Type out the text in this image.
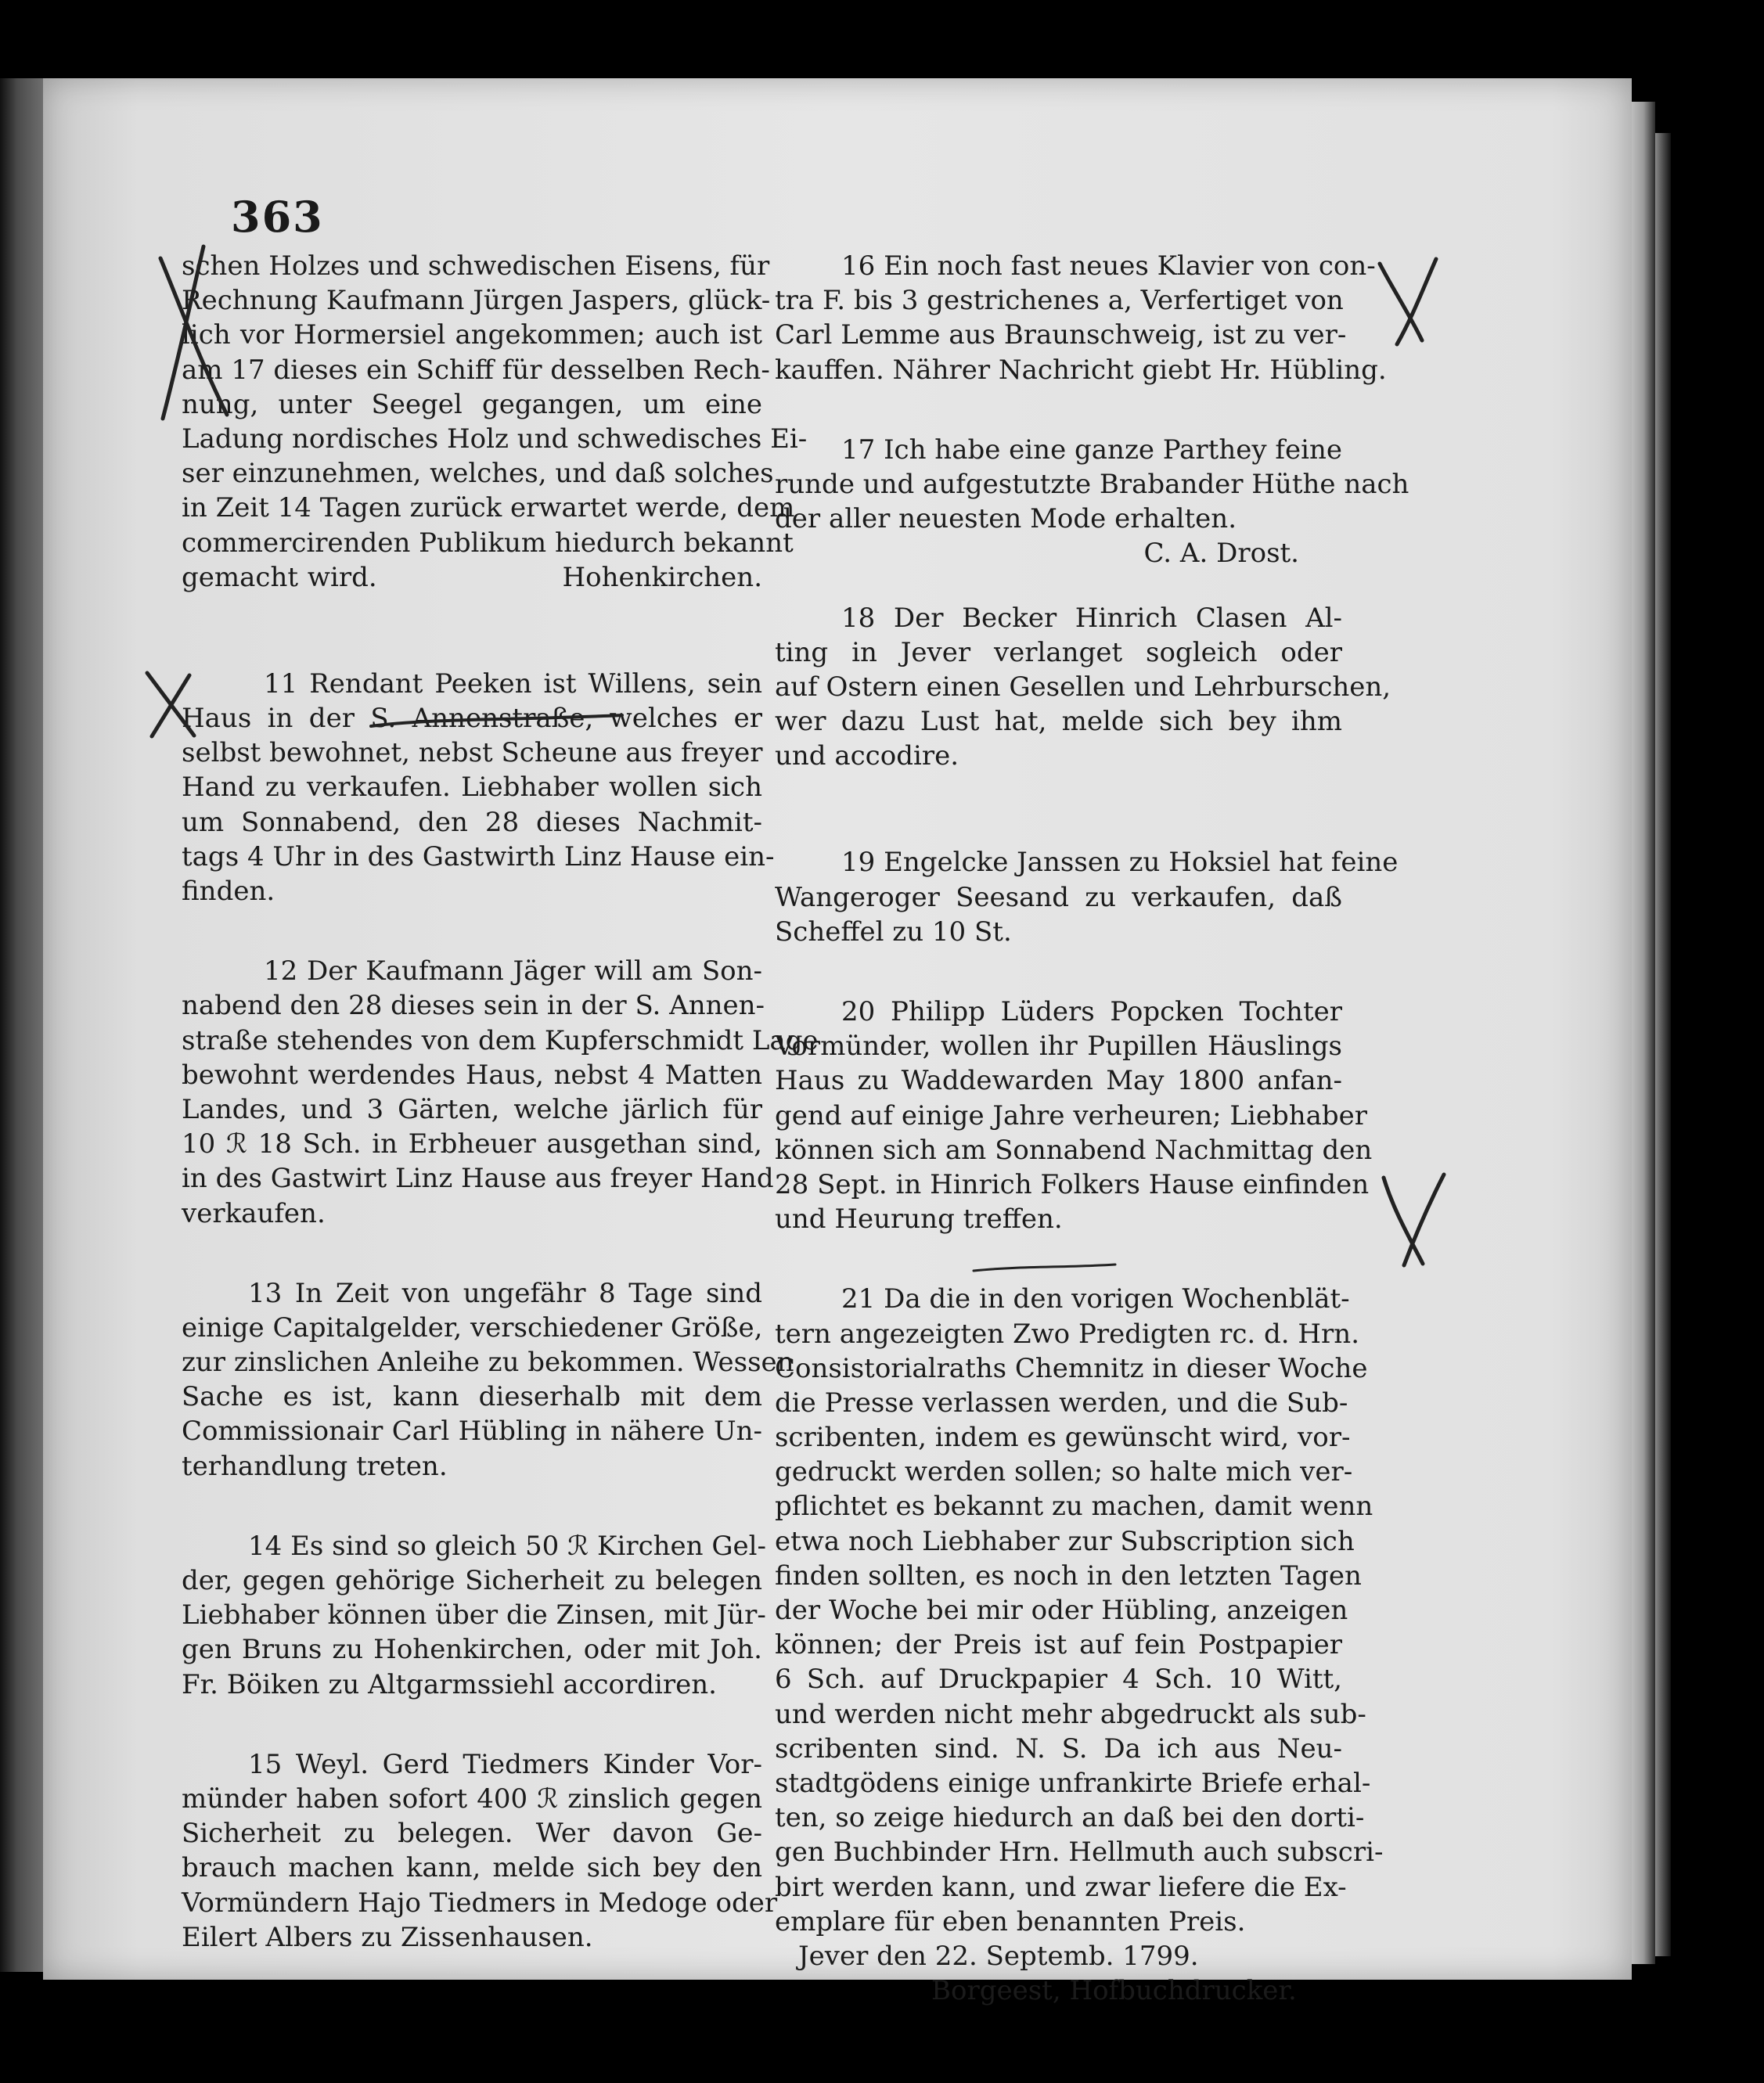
363
schen Holzes und schwedischen Eisens, für
Rechnung Kaufmann Jürgen Jaspers, glück-
lich vor Hormersiel angekommen; auch ist
am 17 dieses ein Schiff für desselben Rech-
nung, unter Seegel gegangen, um eine
Ladung nordisches Holz und schwedisches Ei-
ser einzunehmen, welches, und daß solches
in Zeit 14 Tagen zurück erwartet werde, dem
commercirenden Publikum hiedurch bekannt
gemacht wird.                    Hohenkirchen.
11 Rendant Peeken ist Willens, sein
Haus in der S. Annenstraße, welches er
selbst bewohnet, nebst Scheune aus freyer
Hand zu verkaufen. Liebhaber wollen sich
um Sonnabend, den 28 dieses Nachmit-
tags 4 Uhr in des Gastwirth Linz Hause ein-
finden.
12 Der Kaufmann Jäger will am Son-
nabend den 28 dieses sein in der S. Annen-
straße stehendes von dem Kupferschmidt Lage
bewohnt werdendes Haus, nebst 4 Matten
Landes, und 3 Gärten, welche järlich für
10 ℛ 18 Sch. in Erbheuer ausgethan sind,
in des Gastwirt Linz Hause aus freyer Hand
verkaufen.
13 In Zeit von ungefähr 8 Tage sind
einige Capitalgelder, verschiedener Größe,
zur zinslichen Anleihe zu bekommen. Wessen
Sache es ist, kann dieserhalb mit dem
Commissionair Carl Hübling in nähere Un-
terhandlung treten.
14 Es sind so gleich 50 ℛ Kirchen Gel-
der, gegen gehörige Sicherheit zu belegen
Liebhaber können über die Zinsen, mit Jür-
gen Bruns zu Hohenkirchen, oder mit Joh.
Fr. Böiken zu Altgarmssiehl accordiren.
15 Weyl. Gerd Tiedmers Kinder Vor-
münder haben sofort 400 ℛ zinslich gegen
Sicherheit zu belegen. Wer davon Ge-
brauch machen kann, melde sich bey den
Vormündern Hajo Tiedmers in Medoge oder
Eilert Albers zu Zissenhausen.
16 Ein noch fast neues Klavier von con-
tra F. bis 3 gestrichenes a, Verfertiget von
Carl Lemme aus Braunschweig, ist zu ver-
kauffen. Nährer Nachricht giebt Hr. Hübling.
17 Ich habe eine ganze Parthey feine
runde und aufgestutzte Brabander Hüthe nach
der aller neuesten Mode erhalten.
C. A. Drost.
18 Der Becker Hinrich Clasen Al-
ting in Jever verlanget sogleich oder
auf Ostern einen Gesellen und Lehrburschen,
wer dazu Lust hat, melde sich bey ihm
und accodire.
19 Engelcke Janssen zu Hoksiel hat feine
Wangeroger Seesand zu verkaufen, daß
Scheffel zu 10 St.
20 Philipp Lüders Popcken Tochter
Vormünder, wollen ihr Pupillen Häuslings
Haus zu Waddewarden May 1800 anfan-
gend auf einige Jahre verheuren; Liebhaber
können sich am Sonnabend Nachmittag den
28 Sept. in Hinrich Folkers Hause einfinden
und Heurung treffen.
21 Da die in den vorigen Wochenblät-
tern angezeigten Zwo Predigten rc. d. Hrn.
Consistorialraths Chemnitz in dieser Woche
die Presse verlassen werden, und die Sub-
scribenten, indem es gewünscht wird, vor-
gedruckt werden sollen; so halte mich ver-
pflichtet es bekannt zu machen, damit wenn
etwa noch Liebhaber zur Subscription sich
finden sollten, es noch in den letzten Tagen
der Woche bei mir oder Hübling, anzeigen
können; der Preis ist auf fein Postpapier
6 Sch. auf Druckpapier 4 Sch. 10 Witt,
und werden nicht mehr abgedruckt als sub-
scribenten sind. N. S. Da ich aus Neu-
stadtgödens einige unfrankirte Briefe erhal-
ten, so zeige hiedurch an daß bei den dorti-
gen Buchbinder Hrn. Hellmuth auch subscri-
birt werden kann, und zwar liefere die Ex-
emplare für eben benannten Preis.
Jever den 22. Septemb. 1799.
Borgeest, Hofbuchdrucker.
